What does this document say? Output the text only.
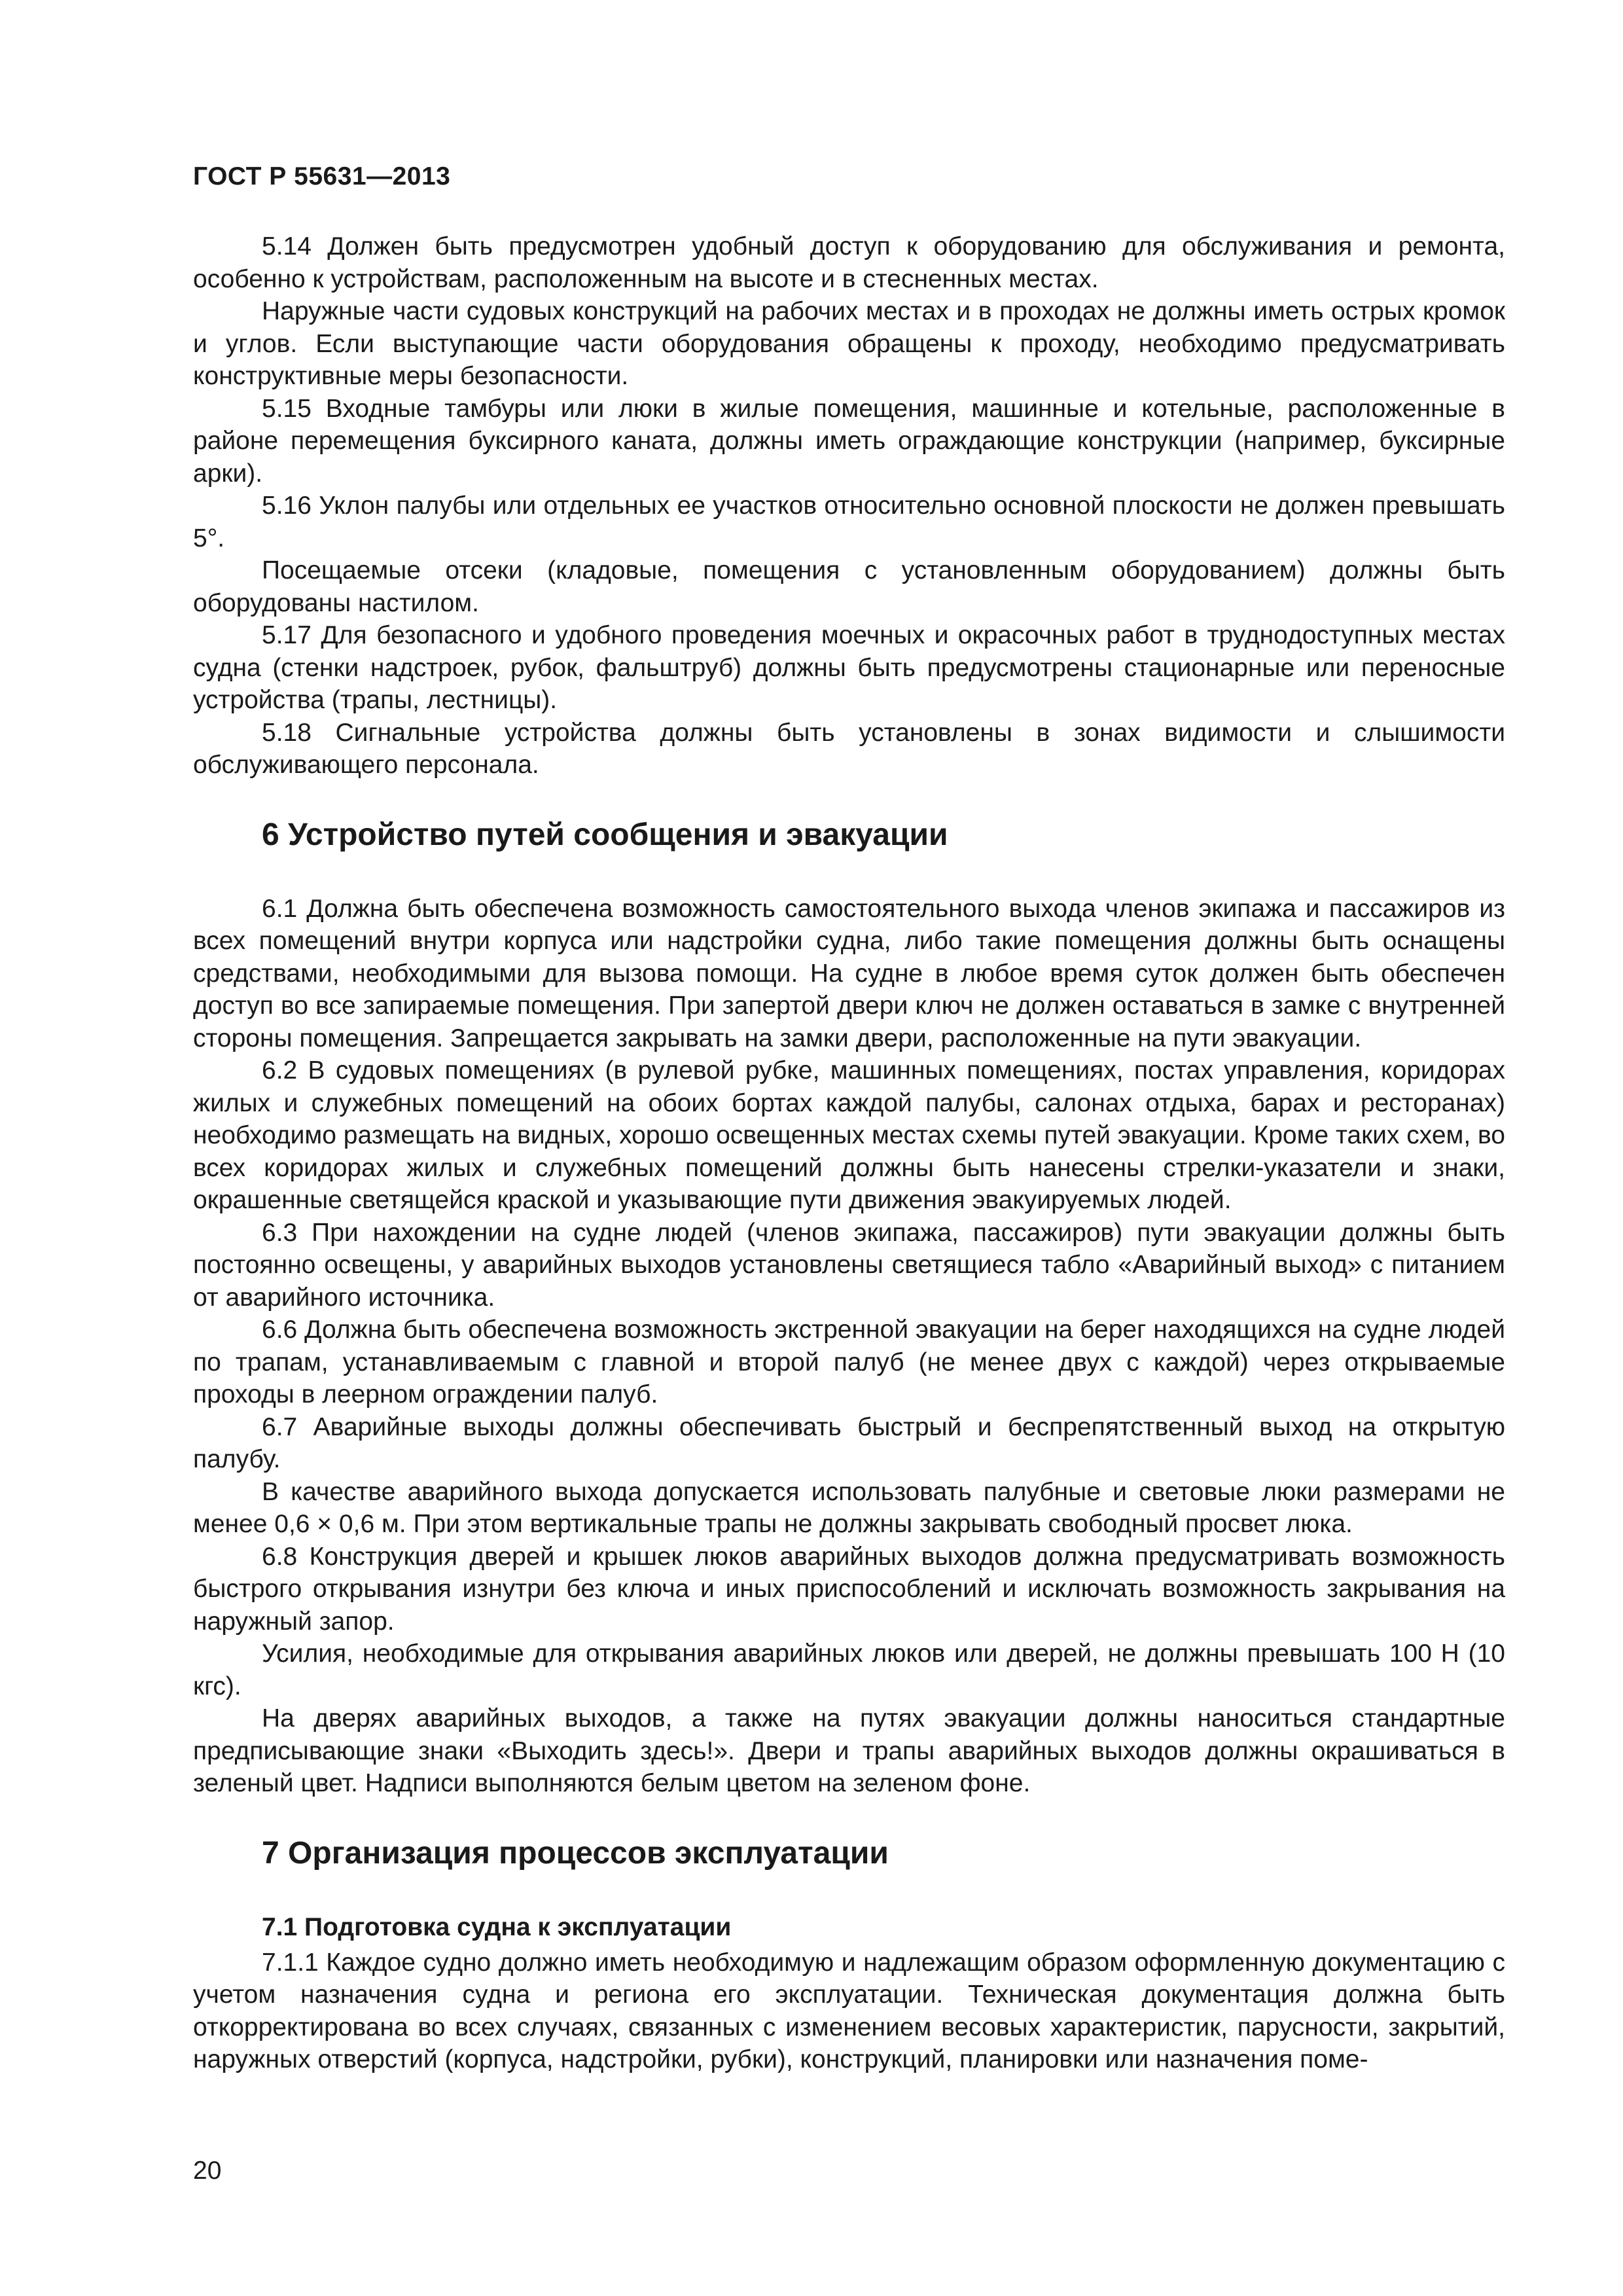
ГОСТ Р 55631—2013

5.14 Должен быть предусмотрен удобный доступ к оборудованию для обслуживания и ремонта, особенно к устройствам, расположенным на высоте и в стесненных местах.

Наружные части судовых конструкций на рабочих местах и в проходах не должны иметь острых кромок и углов. Если выступающие части оборудования обращены к проходу, необходимо предусматривать конструктивные меры безопасности.

5.15 Входные тамбуры или люки в жилые помещения, машинные и котельные, расположенные в районе перемещения буксирного каната, должны иметь ограждающие конструкции (например, буксирные арки).

5.16 Уклон палубы или отдельных ее участков относительно основной плоскости не должен превышать 5°.

Посещаемые отсеки (кладовые, помещения с установленным оборудованием) должны быть оборудованы настилом.

5.17 Для безопасного и удобного проведения моечных и окрасочных работ в труднодоступных местах судна (стенки надстроек, рубок, фальштруб) должны быть предусмотрены стационарные или переносные устройства (трапы, лестницы).

5.18 Сигнальные устройства должны быть установлены в зонах видимости и слышимости обслуживающего персонала.

6 Устройство путей сообщения и эвакуации

6.1 Должна быть обеспечена возможность самостоятельного выхода членов экипажа и пассажиров из всех помещений внутри корпуса или надстройки судна, либо такие помещения должны быть оснащены средствами, необходимыми для вызова помощи. На судне в любое время суток должен быть обеспечен доступ во все запираемые помещения. При запертой двери ключ не должен оставаться в замке с внутренней стороны помещения. Запрещается закрывать на замки двери, расположенные на пути эвакуации.

6.2 В судовых помещениях (в рулевой рубке, машинных помещениях, постах управления, коридорах жилых и служебных помещений на обоих бортах каждой палубы, салонах отдыха, барах и ресторанах) необходимо размещать на видных, хорошо освещенных местах схемы путей эвакуации. Кроме таких схем, во всех коридорах жилых и служебных помещений должны быть нанесены стрелки-указатели и знаки, окрашенные светящейся краской и указывающие пути движения эвакуируемых людей.

6.3 При нахождении на судне людей (членов экипажа, пассажиров) пути эвакуации должны быть постоянно освещены, у аварийных выходов установлены светящиеся табло «Аварийный выход» с питанием от аварийного источника.

6.6 Должна быть обеспечена возможность экстренной эвакуации на берег находящихся на судне людей по трапам, устанавливаемым с главной и второй палуб (не менее двух с каждой) через открываемые проходы в леерном ограждении палуб.

6.7 Аварийные выходы должны обеспечивать быстрый и беспрепятственный выход на открытую палубу.

В качестве аварийного выхода допускается использовать палубные и световые люки размерами не менее 0,6 × 0,6 м. При этом вертикальные трапы не должны закрывать свободный просвет люка.

6.8 Конструкция дверей и крышек люков аварийных выходов должна предусматривать возможность быстрого открывания изнутри без ключа и иных приспособлений и исключать возможность закрывания на наружный запор.

Усилия, необходимые для открывания аварийных люков или дверей, не должны превышать 100 Н (10 кгс).

На дверях аварийных выходов, а также на путях эвакуации должны наноситься стандартные предписывающие знаки «Выходить здесь!». Двери и трапы аварийных выходов должны окрашиваться в зеленый цвет. Надписи выполняются белым цветом на зеленом фоне.

7 Организация процессов эксплуатации
7.1 Подготовка судна к эксплуатации

7.1.1 Каждое судно должно иметь необходимую и надлежащим образом оформленную документацию с учетом назначения судна и региона его эксплуатации. Техническая документация должна быть откорректирована во всех случаях, связанных с изменением весовых характеристик, парусности, закрытий, наружных отверстий (корпуса, надстройки, рубки), конструкций, планировки или назначения поме-

20
